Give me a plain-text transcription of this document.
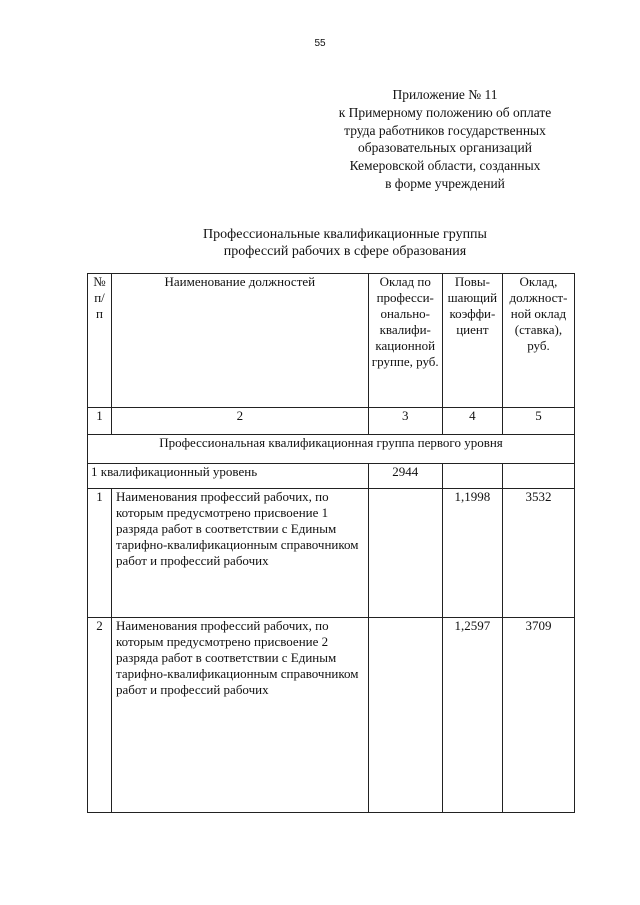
55
Приложение № 11
к Примерному положению об оплате
труда работников государственных
образовательных организаций
Кемеровской области, созданных
в форме учреждений
Профессиональные квалификационные группы
профессий рабочих в сфере образования
№ п/п	Наименование должностей	Оклад по професси-онально-квалифи-кационной группе, руб.	Повы-шающий коэффи-циент	Оклад, должност-ной оклад (ставка), руб.
1	2	3	4	5
Профессиональная квалификационная группа первого уровня				
1 квалификационный уровень		2944		
1	Наименования профессий рабочих, по которым предусмотрено присвоение 1 разряда работ в соответствии с Единым тарифно-квалификационным справочником работ и профессий рабочих		1,1998	3532
2	Наименования профессий рабочих, по которым предусмотрено присвоение 2 разряда работ в соответствии с Единым тарифно-квалификационным справочником работ и профессий рабочих		1,2597	3709
